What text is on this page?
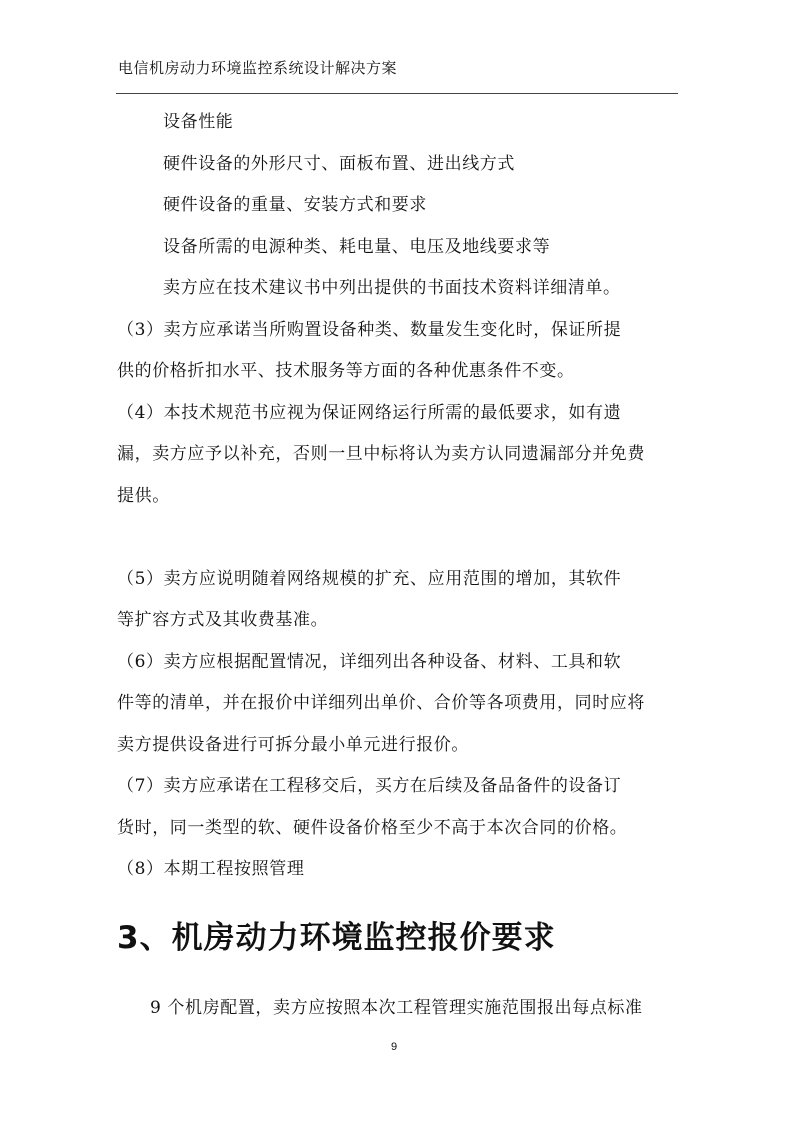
电信机房动力环境监控系统设计解决方案
设备性能
硬件设备的外形尺寸、面板布置、进出线方式
硬件设备的重量、安装方式和要求
设备所需的电源种类、耗电量、电压及地线要求等
卖方应在技术建议书中列出提供的书面技术资料详细清单。
（3）卖方应承诺当所购置设备种类、数量发生变化时，保证所提
供的价格折扣水平、技术服务等方面的各种优惠条件不变。
（4）本技术规范书应视为保证网络运行所需的最低要求，如有遗
漏，卖方应予以补充，否则一旦中标将认为卖方认同遗漏部分并免费
提供。
（5）卖方应说明随着网络规模的扩充、应用范围的增加，其软件
等扩容方式及其收费基准。
（6）卖方应根据配置情况，详细列出各种设备、材料、工具和软
件等的清单，并在报价中详细列出单价、合价等各项费用，同时应将
卖方提供设备进行可拆分最小单元进行报价。
（7）卖方应承诺在工程移交后，买方在后续及备品备件的设备订
货时，同一类型的软、硬件设备价格至少不高于本次合同的价格。
（8）本期工程按照管理
3、机房动力环境监控报价要求
9 个机房配置，卖方应按照本次工程管理实施范围报出每点标准
9
